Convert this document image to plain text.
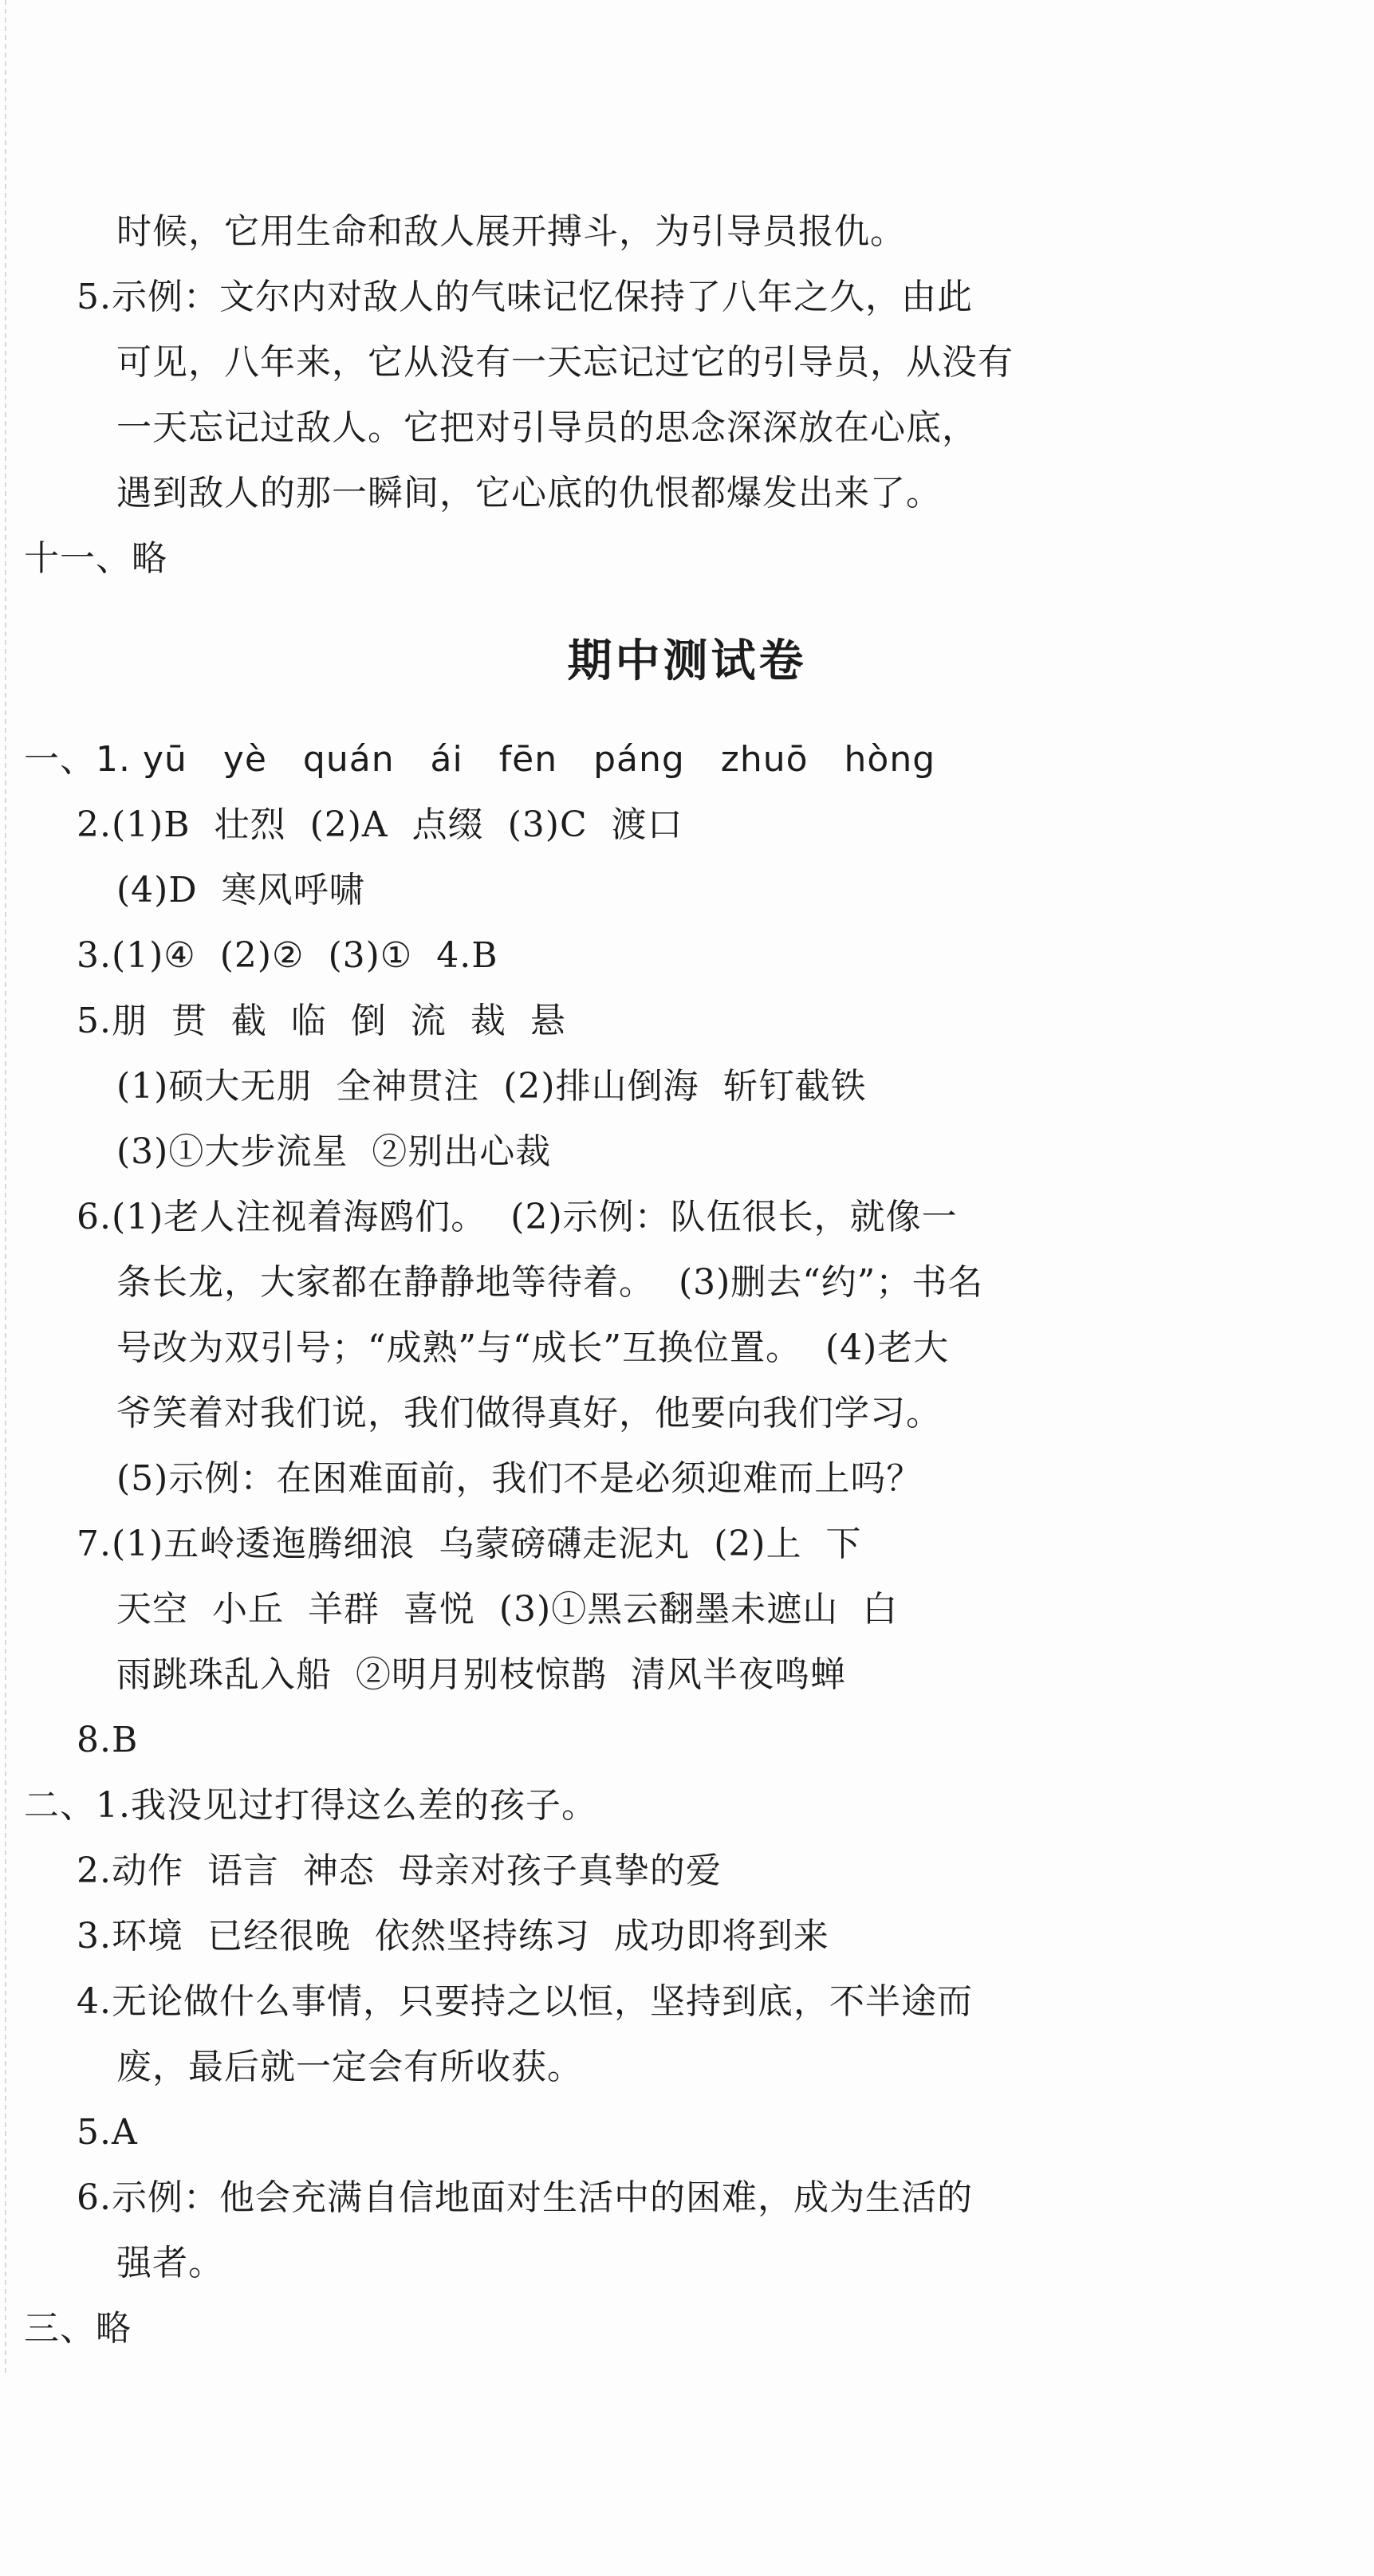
时候，它用生命和敌人展开搏斗，为引导员报仇。
5.示例：文尔内对敌人的气味记忆保持了八年之久，由此
可见，八年来，它从没有一天忘记过它的引导员，从没有
一天忘记过敌人。它把对引导员的思念深深放在心底，
遇到敌人的那一瞬间，它心底的仇恨都爆发出来了。
十一、略
期中测试卷
一、1. yū   yè   quán   ái   fēn   páng   zhuō   hòng
2.(1)B  壮烈  (2)A  点缀  (3)C  渡口
(4)D  寒风呼啸
3.(1)④  (2)②  (3)①  4.B
5.朋  贯  截  临  倒  流  裁  悬
(1)硕大无朋  全神贯注  (2)排山倒海  斩钉截铁
(3)①大步流星  ②别出心裁
6.(1)老人注视着海鸥们。  (2)示例：队伍很长，就像一
条长龙，大家都在静静地等待着。  (3)删去“约”；书名
号改为双引号；“成熟”与“成长”互换位置。  (4)老大
爷笑着对我们说，我们做得真好，他要向我们学习。
(5)示例：在困难面前，我们不是必须迎难而上吗？
7.(1)五岭逶迤腾细浪  乌蒙磅礴走泥丸  (2)上  下
天空  小丘  羊群  喜悦  (3)①黑云翻墨未遮山  白
雨跳珠乱入船  ②明月别枝惊鹊  清风半夜鸣蝉
8.B
二、1.我没见过打得这么差的孩子。
2.动作  语言  神态  母亲对孩子真挚的爱
3.环境  已经很晚  依然坚持练习  成功即将到来
4.无论做什么事情，只要持之以恒，坚持到底，不半途而
废，最后就一定会有所收获。
5.A
6.示例：他会充满自信地面对生活中的困难，成为生活的
强者。
三、略
